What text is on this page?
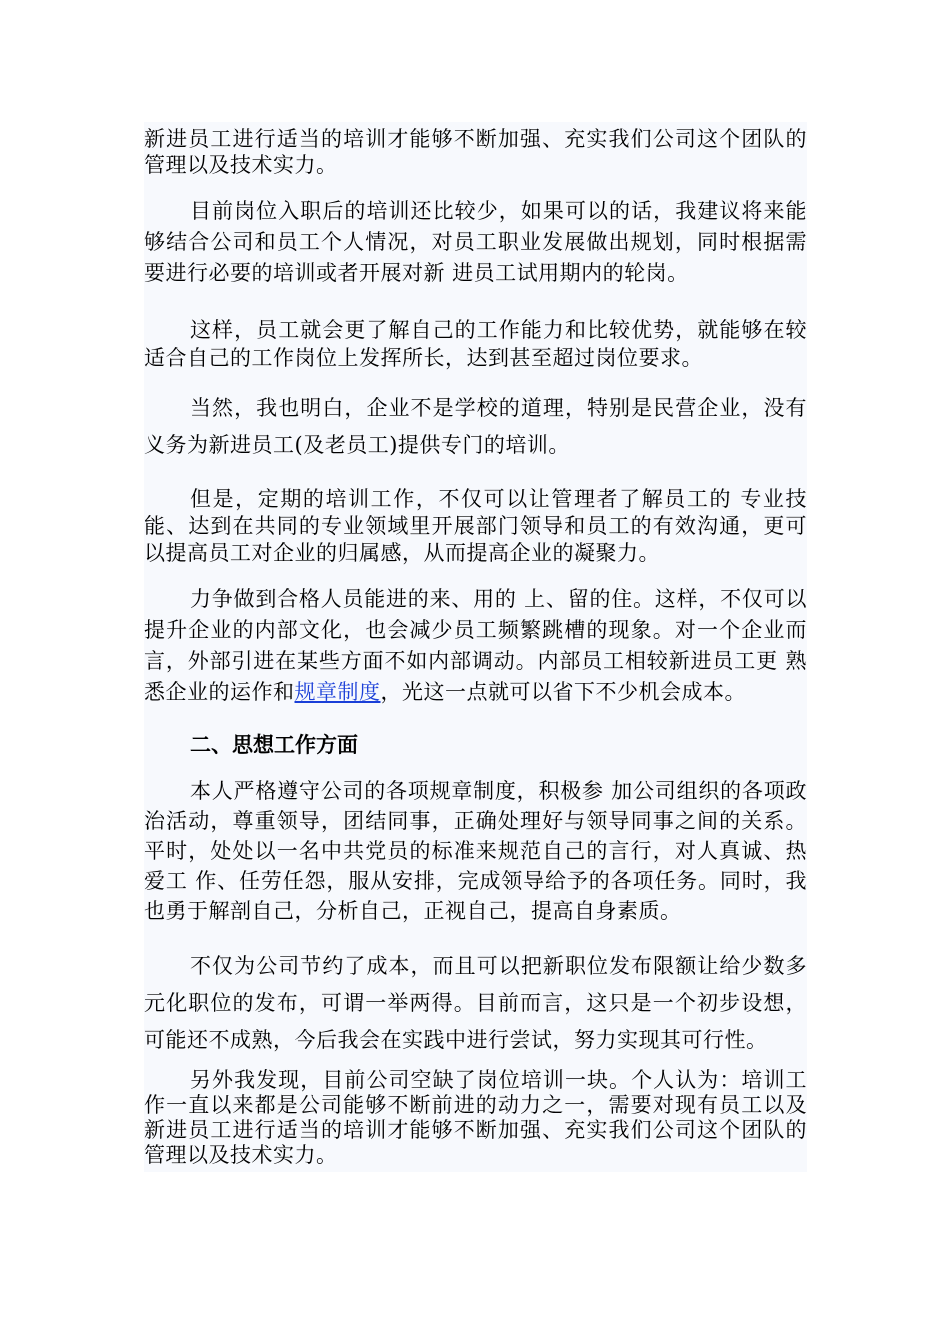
新进员工进行适当的培训才能够不断加强、充实我们公司这个团队的管理以及技术实力。

目前岗位入职后的培训还比较少，如果可以的话，我建议将来能够结合公司和员工个人情况，对员工职业发展做出规划，同时根据需要进行必要的培训或者开展对新 进员工试用期内的轮岗。

这样，员工就会更了解自己的工作能力和比较优势，就能够在较适合自己的工作岗位上发挥所长，达到甚至超过岗位要求。

当然，我也明白，企业不是学校的道理，特别是民营企业，没有义务为新进员工(及老员工)提供专门的培训。

但是，定期的培训工作，不仅可以让管理者了解员工的 专业技能、达到在共同的专业领域里开展部门领导和员工的有效沟通，更可以提高员工对企业的归属感，从而提高企业的凝聚力。

力争做到合格人员能进的来、用的 上、留的住。这样，不仅可以提升企业的内部文化，也会减少员工频繁跳槽的现象。对一个企业而言，外部引进在某些方面不如内部调动。内部员工相较新进员工更 熟悉企业的运作和规章制度，光这一点就可以省下不少机会成本。

二、思想工作方面

本人严格遵守公司的各项规章制度，积极参 加公司组织的各项政治活动，尊重领导，团结同事，正确处理好与领导同事之间的关系。平时，处处以一名中共党员的标准来规范自己的言行，对人真诚、热爱工 作、任劳任怨，服从安排，完成领导给予的各项任务。同时，我也勇于解剖自己，分析自己，正视自己，提高自身素质。

不仅为公司节约了成本，而且可以把新职位发布限额让给少数多元化职位的发布，可谓一举两得。目前而言，这只是一个初步设想，可能还不成熟，今后我会在实践中进行尝试，努力实现其可行性。

另外我发现，目前公司空缺了岗位培训一块。个人认为：培训工作一直以来都是公司能够不断前进的动力之一，需要对现有员工以及新进员工进行适当的培训才能够不断加强、充实我们公司这个团队的管理以及技术实力。
